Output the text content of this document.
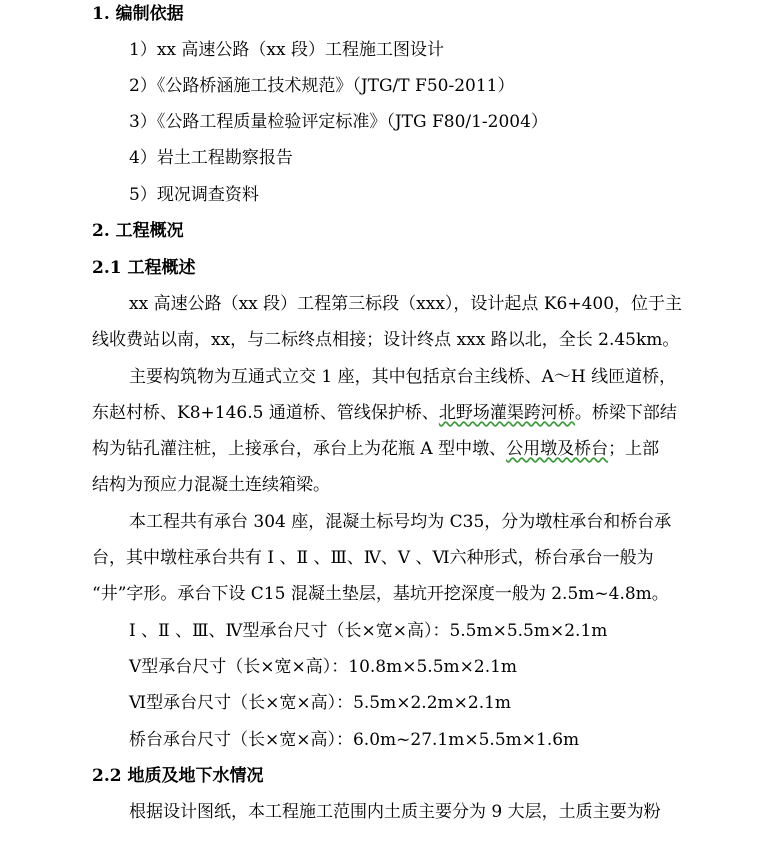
1. 编制依据
1）xx 高速公路（xx 段）工程施工图设计
2）《公路桥涵施工技术规范》（JTG/T F50-2011）
3）《公路工程质量检验评定标准》（JTG F80/1-2004）
4）岩土工程勘察报告
5）现况调查资料
2. 工程概况
2.1 工程概述
xx 高速公路（xx 段）工程第三标段（xxx），设计起点 K6+400，位于主
线收费站以南，xx，与二标终点相接；设计终点 xxx 路以北，全长 2.45km。
主要构筑物为互通式立交 1 座，其中包括京台主线桥、A～H 线匝道桥，
东赵村桥、K8+146.5 通道桥、管线保护桥、北野场灌渠跨河桥。桥梁下部结
构为钻孔灌注桩，上接承台，承台上为花瓶 A 型中墩、公用墩及桥台；上部
结构为预应力混凝土连续箱梁。
本工程共有承台 304 座，混凝土标号均为 C35，分为墩柱承台和桥台承
台，其中墩柱承台共有 Ⅰ 、Ⅱ 、Ⅲ、Ⅳ、Ⅴ 、Ⅵ六种形式，桥台承台一般为
“井”字形。承台下设 C15 混凝土垫层，基坑开挖深度一般为 2.5m~4.8m。
Ⅰ 、Ⅱ 、Ⅲ、Ⅳ型承台尺寸（长×宽×高）：5.5m×5.5m×2.1m
Ⅴ型承台尺寸（长×宽×高）：10.8m×5.5m×2.1m
Ⅵ型承台尺寸（长×宽×高）：5.5m×2.2m×2.1m
桥台承台尺寸（长×宽×高）：6.0m~27.1m×5.5m×1.6m
2.2 地质及地下水情况
根据设计图纸，本工程施工范围内土质主要分为 9 大层，土质主要为粉
